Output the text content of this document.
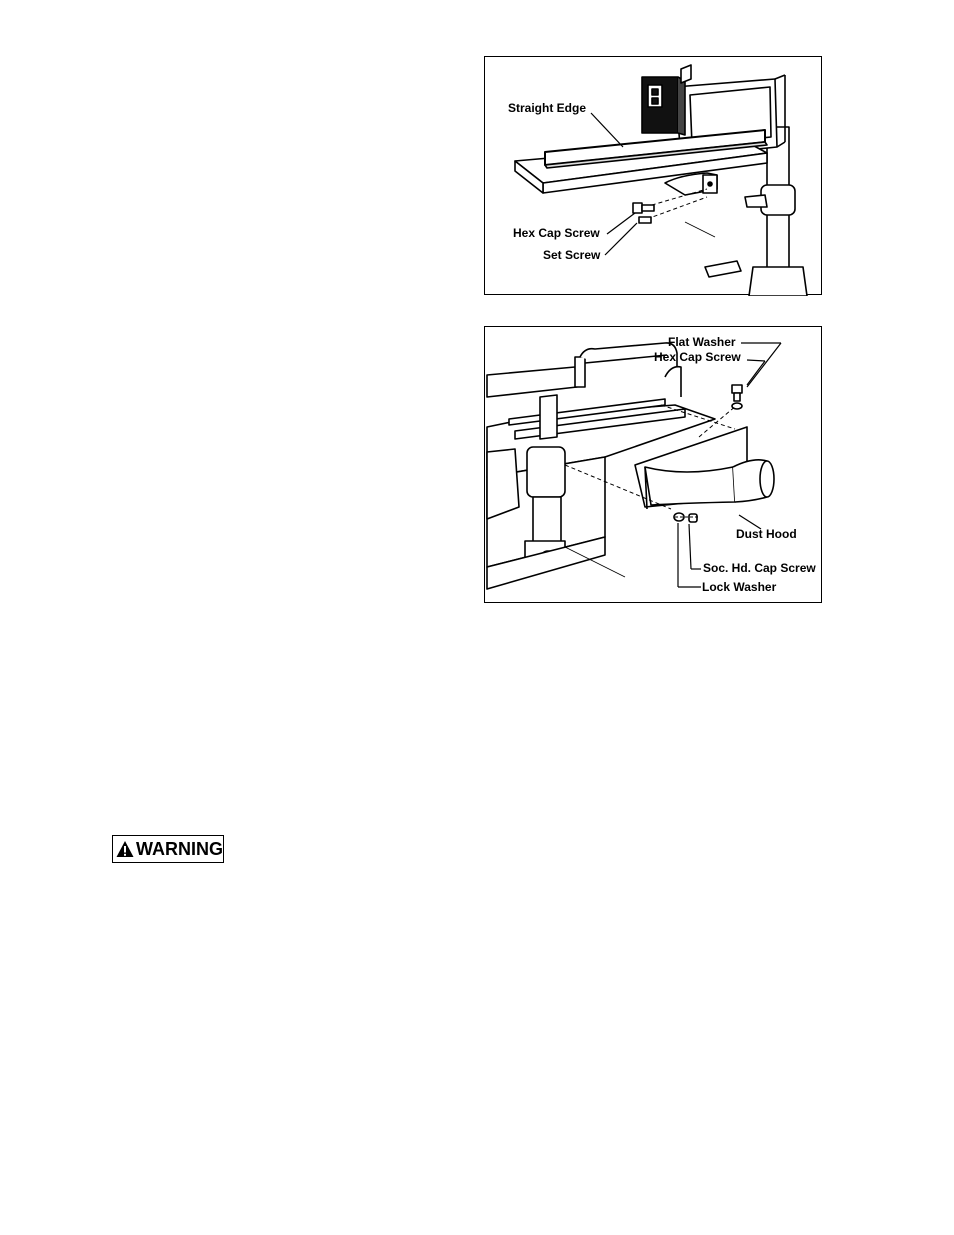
Straight Edge
Hex Cap Screw
Set Screw
Flat Washer
Hex Cap Screw
Dust Hood
Soc. Hd. Cap Screw
Lock Washer
WARNING
